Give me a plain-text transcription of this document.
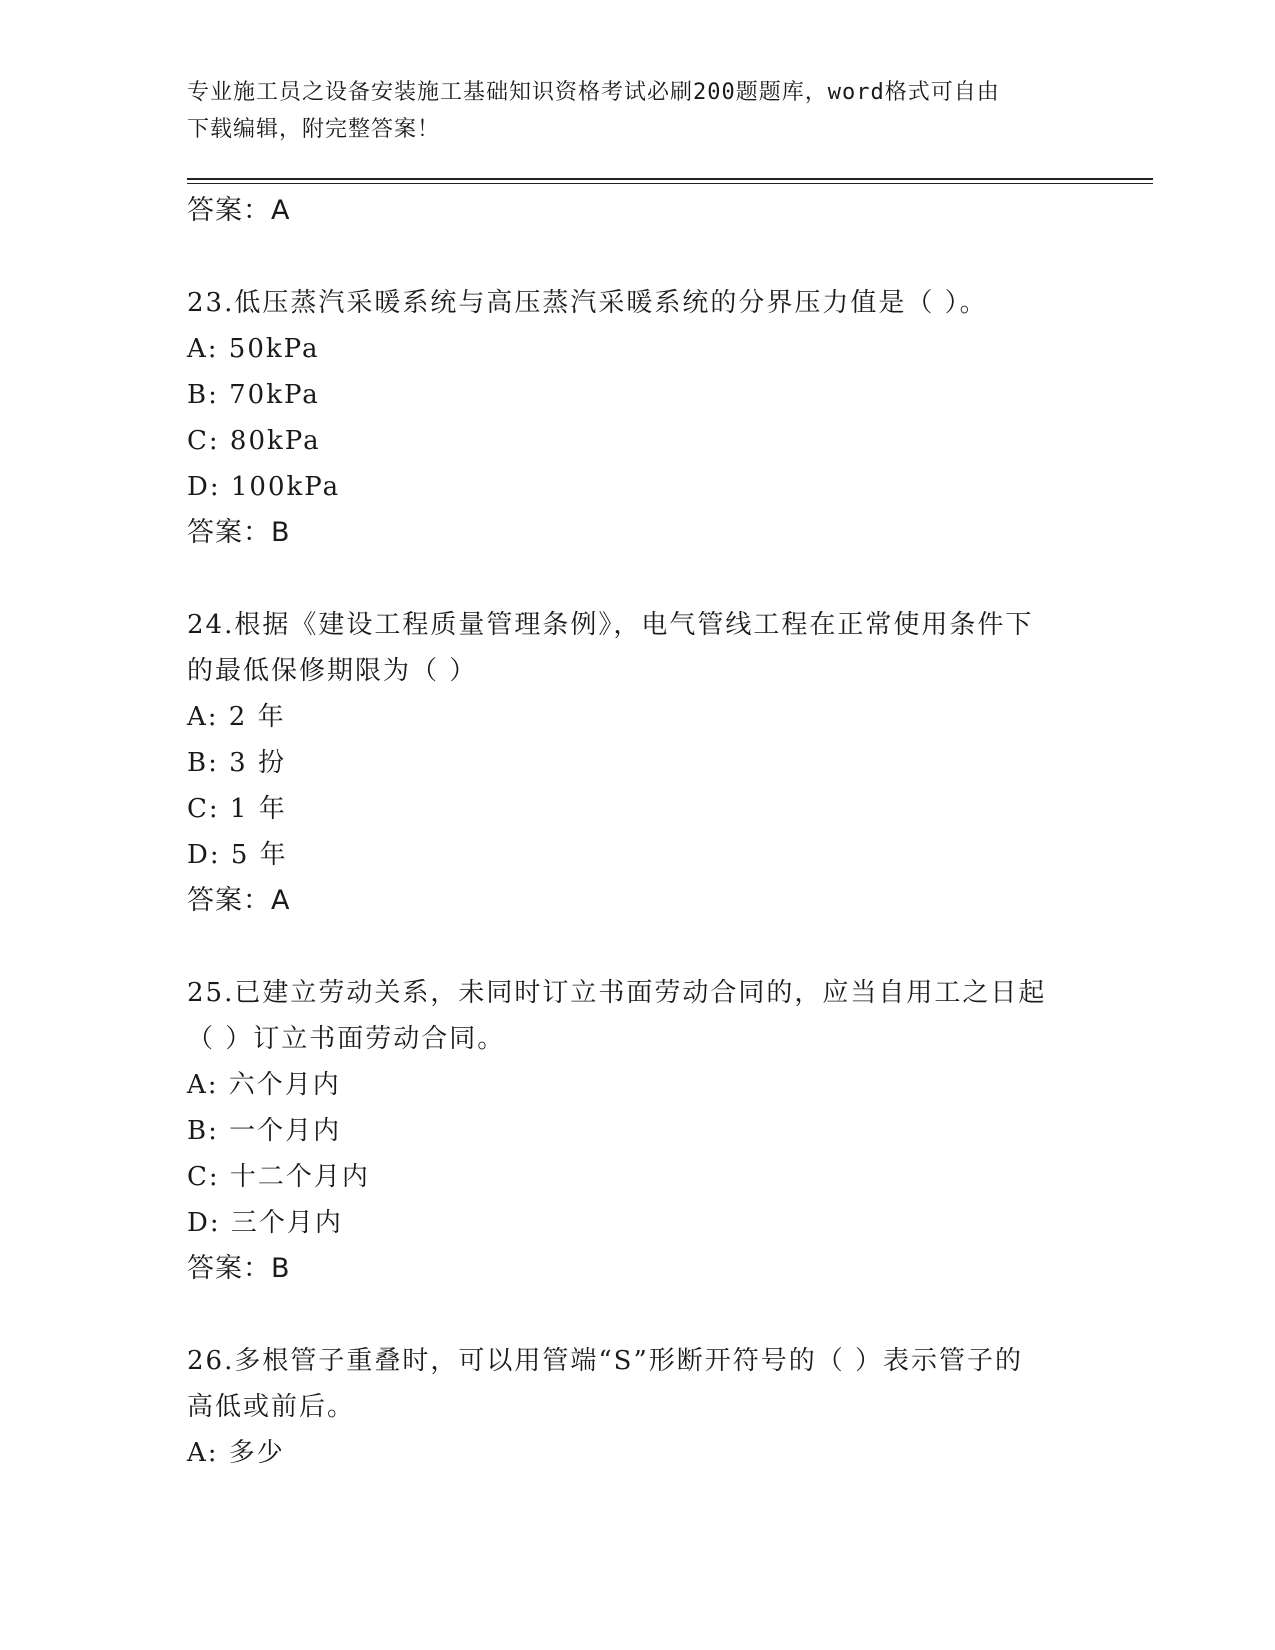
专业施工员之设备安装施工基础知识资格考试必刷200题题库，word格式可自由
下载编辑，附完整答案！
答案：A
23.低压蒸汽采暖系统与高压蒸汽采暖系统的分界压力值是（ ）。
A: 50kPa
B: 70kPa
C: 80kPa
D: 100kPa
答案：B
24.根据《建设工程质量管理条例》，电气管线工程在正常使用条件下
的最低保修期限为（ ）
A: 2 年
B: 3 扮
C: 1 年
D: 5 年
答案：A
25.已建立劳动关系，未同时订立书面劳动合同的，应当自用工之日起
（ ）订立书面劳动合同。
A: 六个月内
B: 一个月内
C: 十二个月内
D: 三个月内
答案：B
26.多根管子重叠时，可以用管端“S”形断开符号的（ ）表示管子的
高低或前后。
A: 多少
